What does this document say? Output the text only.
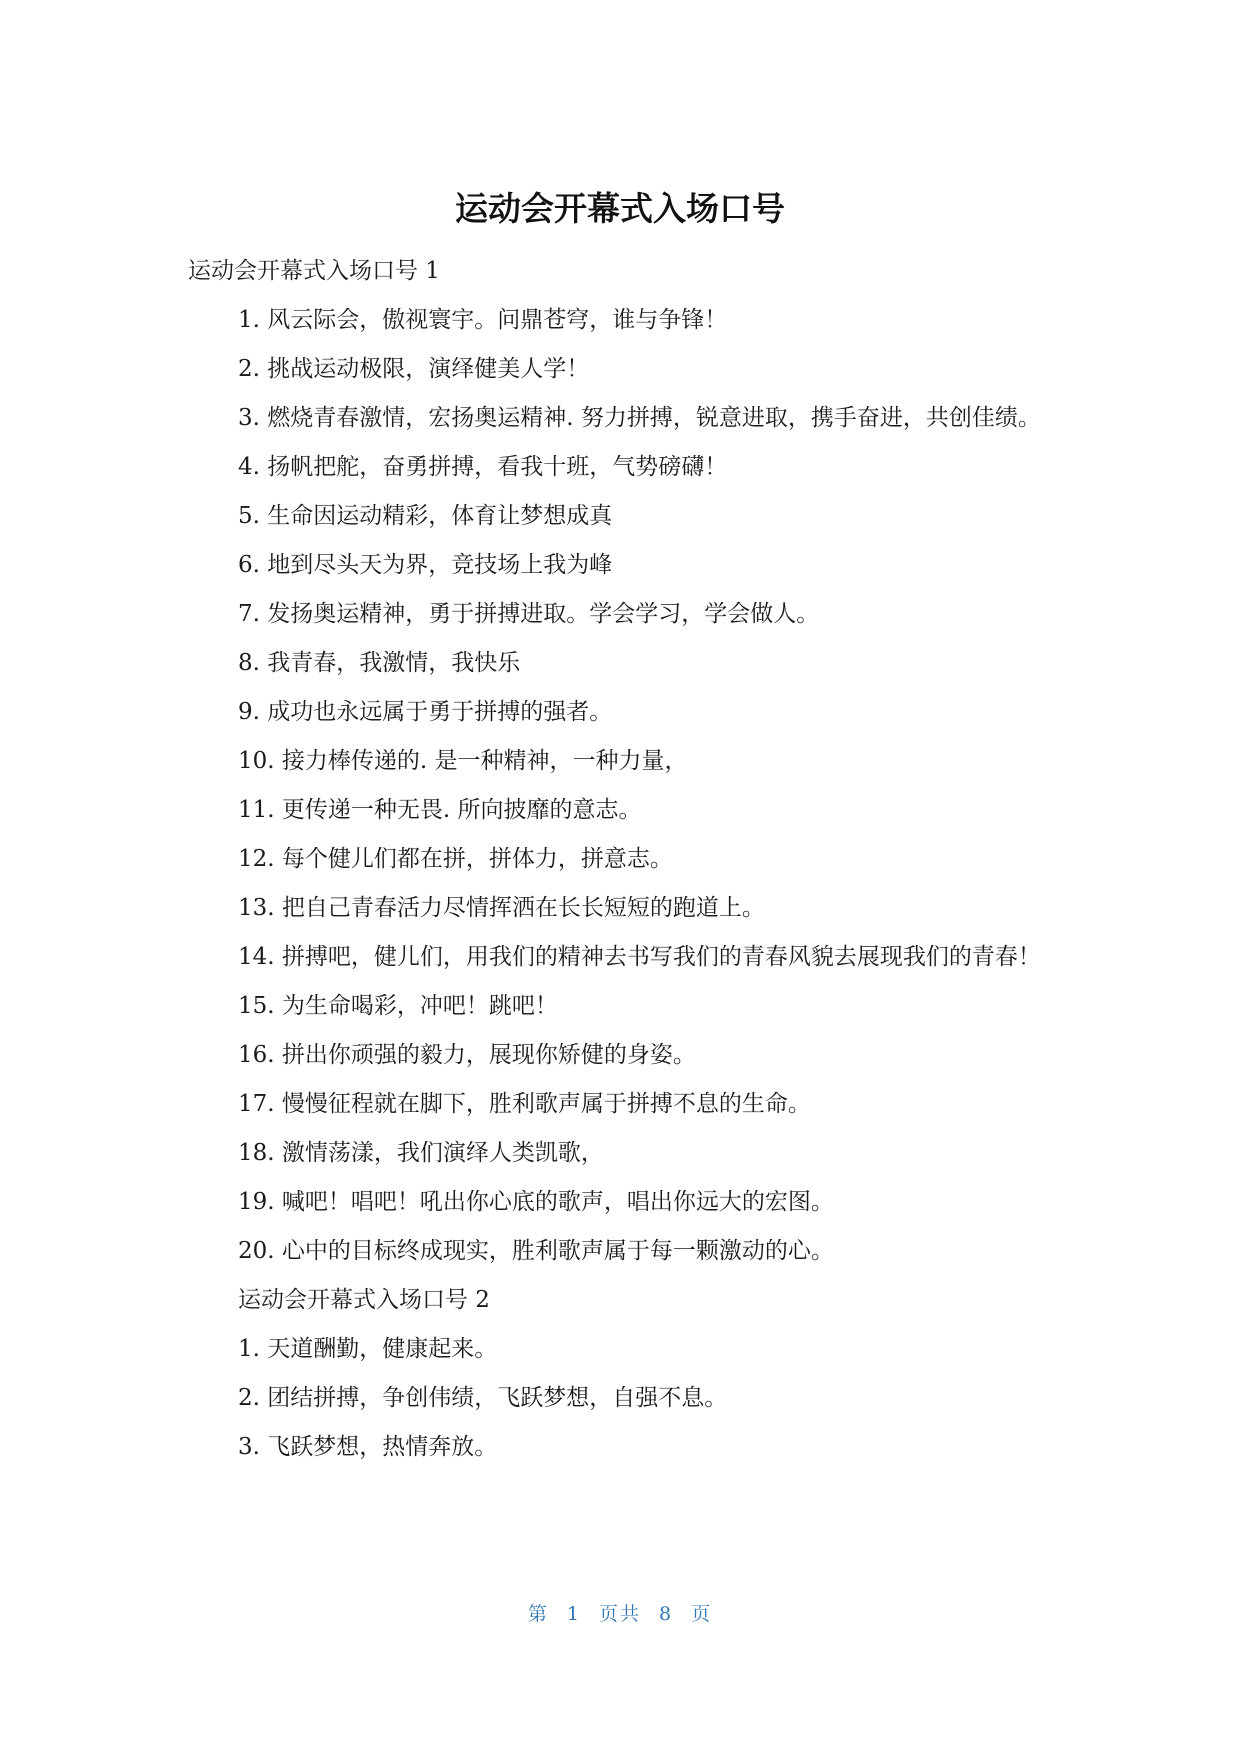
运动会开幕式入场口号

运动会开幕式入场口号 1

1. 风云际会，傲视寰宇。问鼎苍穹，谁与争锋！

2. 挑战运动极限，演绎健美人学！

3. 燃烧青春激情，宏扬奥运精神. 努力拼搏，锐意进取，携手奋进，共创佳绩。

4. 扬帆把舵，奋勇拼搏，看我十班，气势磅礴！

5. 生命因运动精彩，体育让梦想成真

6. 地到尽头天为界，竞技场上我为峰

7. 发扬奥运精神，勇于拼搏进取。学会学习，学会做人。

8. 我青春，我激情，我快乐

9. 成功也永远属于勇于拼搏的强者。

10. 接力棒传递的. 是一种精神，一种力量，

11. 更传递一种无畏. 所向披靡的意志。

12. 每个健儿们都在拼，拼体力，拼意志。

13. 把自己青春活力尽情挥洒在长长短短的跑道上。

14. 拼搏吧，健儿们，用我们的精神去书写我们的青春风貌去展现我们的青春！

15. 为生命喝彩，冲吧！跳吧！

16. 拼出你顽强的毅力，展现你矫健的身姿。

17. 慢慢征程就在脚下，胜利歌声属于拼搏不息的生命。

18. 激情荡漾，我们演绎人类凯歌，

19. 喊吧！唱吧！吼出你心底的歌声，唱出你远大的宏图。

20. 心中的目标终成现实，胜利歌声属于每一颗激动的心。

运动会开幕式入场口号 2

1. 天道酬勤，健康起来。

2. 团结拼搏，争创伟绩，飞跃梦想，自强不息。

3. 飞跃梦想，热情奔放。

第 1 页共 8 页
